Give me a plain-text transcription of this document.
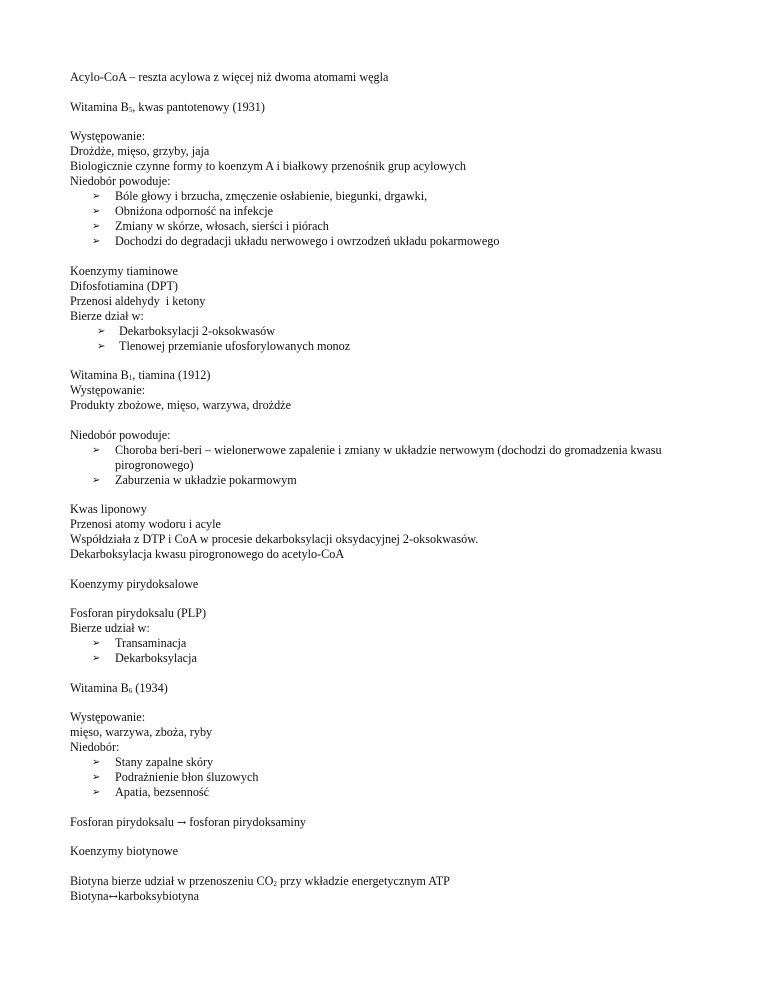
Acylo-CoA – reszta acylowa z więcej niż dwoma atomami węgla
Witamina $B_5$, kwas pantotenowy (1931)
Występowanie:
Drożdże, mięso, grzyby, jaja
Biologicznie czynne formy to koenzym A i białkowy przenośnik grup acylowych
Niedobór powoduje:
➢ Bóle głowy i brzucha, zmęczenie osłabienie, biegunki, drgawki,
➢ Obniżona odporność na infekcje
➢ Zmiany w skórze, włosach, sierści i piórach
➢ Dochodzi do degradacji układu nerwowego i owrzodzeń układu pokarmowego
Koenzymy tiaminowe
Difosfotiamina (DPT)
Przenosi aldehydy  i ketony
Bierze dział w:
➢ Dekarboksylacji 2-oksokwasów
➢ Tlenowej przemianie ufosforylowanych monoz
Witamina $B_1$, tiamina (1912)
Występowanie:
Produkty zbożowe, mięso, warzywa, drożdże
Niedobór powoduje:
➢ Choroba beri-beri – wielonerwowe zapalenie i zmiany w układzie nerwowym (dochodzi do gromadzenia kwasu pirogronowego)
➢ Zaburzenia w układzie pokarmowym
Kwas liponowy
Przenosi atomy wodoru i acyle
Współdziała z DTP i CoA w procesie dekarboksylacji oksydacyjnej 2-oksokwasów.
Dekarboksylacja kwasu pirogronowego do acetylo-CoA
Koenzymy pirydoksalowe
Fosforan pirydoksalu (PLP)
Bierze udział w:
➢ Transaminacja
➢ Dekarboksylacja
Witamina $B_6$ (1934)
Występowanie:
mięso, warzywa, zboża, ryby
Niedobór:
➢ Stany zapalne skóry
➢ Podrażnienie błon śluzowych
➢ Apatia, bezsenność
Fosforan pirydoksalu → fosforan pirydoksaminy
Koenzymy biotynowe
Biotyna bierze udział w przenoszeniu $CO_2$ przy wkładzie energetycznym ATP
Biotyna↔karboksybiotyna
